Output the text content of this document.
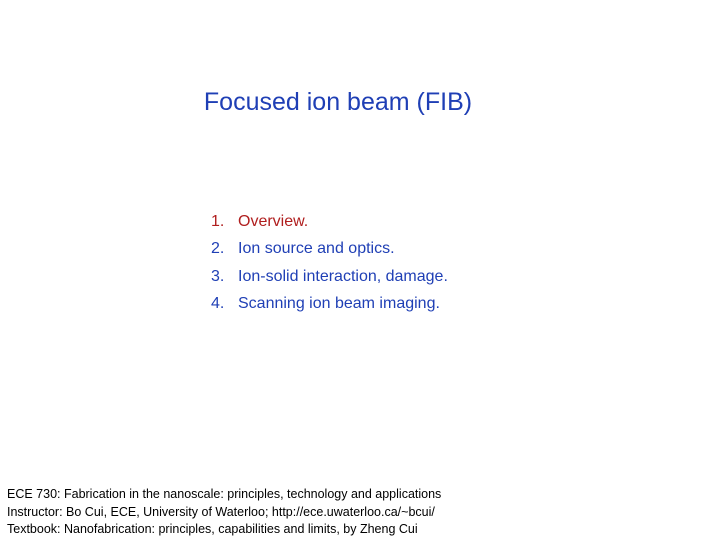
Focused ion beam (FIB)
1. Overview.
2. Ion source and optics.
3. Ion-solid interaction, damage.
4. Scanning ion beam imaging.
ECE 730: Fabrication in the nanoscale: principles, technology and applications
Instructor: Bo Cui, ECE, University of Waterloo; http://ece.uwaterloo.ca/~bcui/
Textbook: Nanofabrication: principles, capabilities and limits, by Zheng Cui
